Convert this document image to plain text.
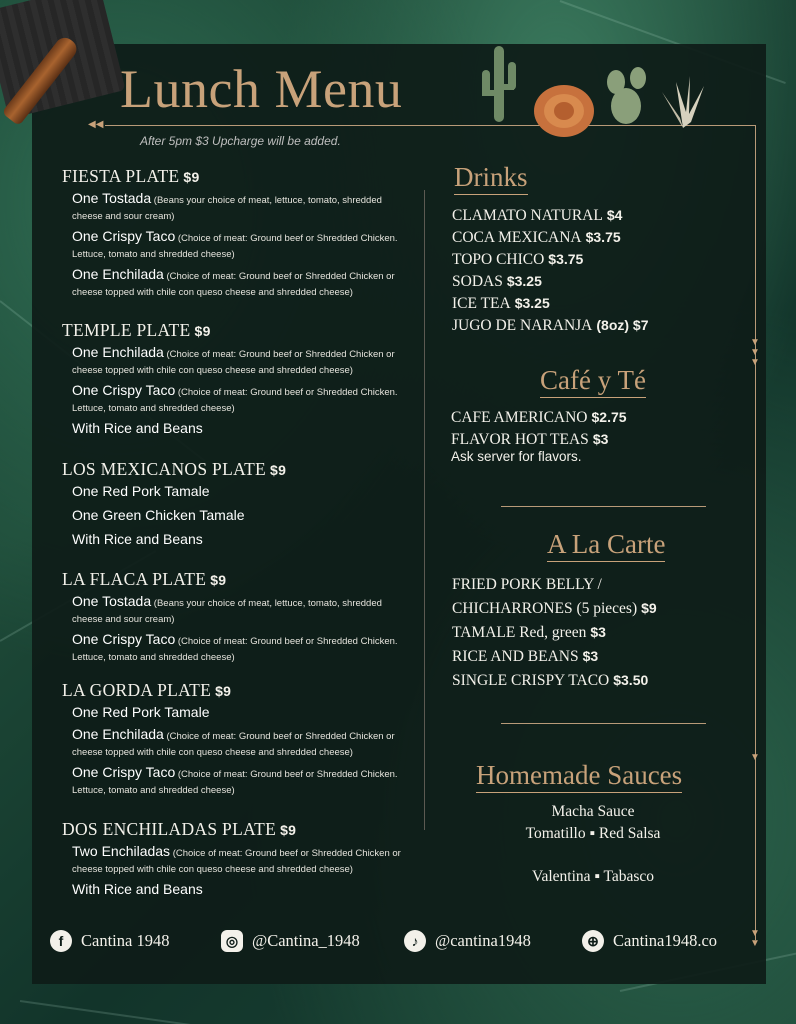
Lunch Menu
◀◀
After 5pm $3 Upcharge will be added.
▼
▼
▼
▼
▼
▼
FIESTA PLATE $9
One Tostada (Beans your choice of meat, lettuce, tomato, shredded cheese and sour cream)
One Crispy Taco (Choice of meat: Ground beef or Shredded Chicken. Lettuce, tomato and shredded cheese)
One Enchilada (Choice of meat: Ground beef or Shredded Chicken or cheese topped with chile con queso cheese and shredded cheese)
TEMPLE PLATE $9
One Enchilada (Choice of meat: Ground beef or Shredded Chicken or cheese topped with chile con queso cheese and shredded cheese)
One Crispy Taco (Choice of meat: Ground beef or Shredded Chicken. Lettuce, tomato and shredded cheese)
With Rice and Beans
LOS MEXICANOS PLATE $9
One Red Pork Tamale
One Green Chicken Tamale
With Rice and Beans
LA FLACA PLATE $9
One Tostada (Beans your choice of meat, lettuce, tomato, shredded cheese and sour cream)
One Crispy Taco (Choice of meat: Ground beef or Shredded Chicken. Lettuce, tomato and shredded cheese)
LA GORDA PLATE $9
One Red Pork Tamale
One Enchilada (Choice of meat: Ground beef or Shredded Chicken or cheese topped with chile con queso cheese and shredded cheese)
One Crispy Taco (Choice of meat: Ground beef or Shredded Chicken. Lettuce, tomato and shredded cheese)
DOS ENCHILADAS PLATE $9
Two Enchiladas (Choice of meat: Ground beef or Shredded Chicken or cheese topped with chile con queso cheese and shredded cheese)
With Rice and Beans
Drinks
CLAMATO NATURAL $4
COCA MEXICANA $3.75
TOPO CHICO $3.75
SODAS $3.25
ICE TEA $3.25
JUGO DE NARANJA (8oz) $7
Café y Té
CAFE AMERICANO $2.75
FLAVOR HOT TEAS $3
Ask server for flavors.
A La Carte
FRIED PORK BELLY /
CHICHARRONES (5 pieces) $9
TAMALE Red, green $3
RICE AND BEANS $3
SINGLE CRISPY TACO $3.50
Homemade Sauces
Macha Sauce
Tomatillo ▪ Red Salsa
Valentina ▪ Tabasco
f	Cantina 1948	◎ @Cantina_1948	♪	@cantina1948	⊕ Cantina1948.co
